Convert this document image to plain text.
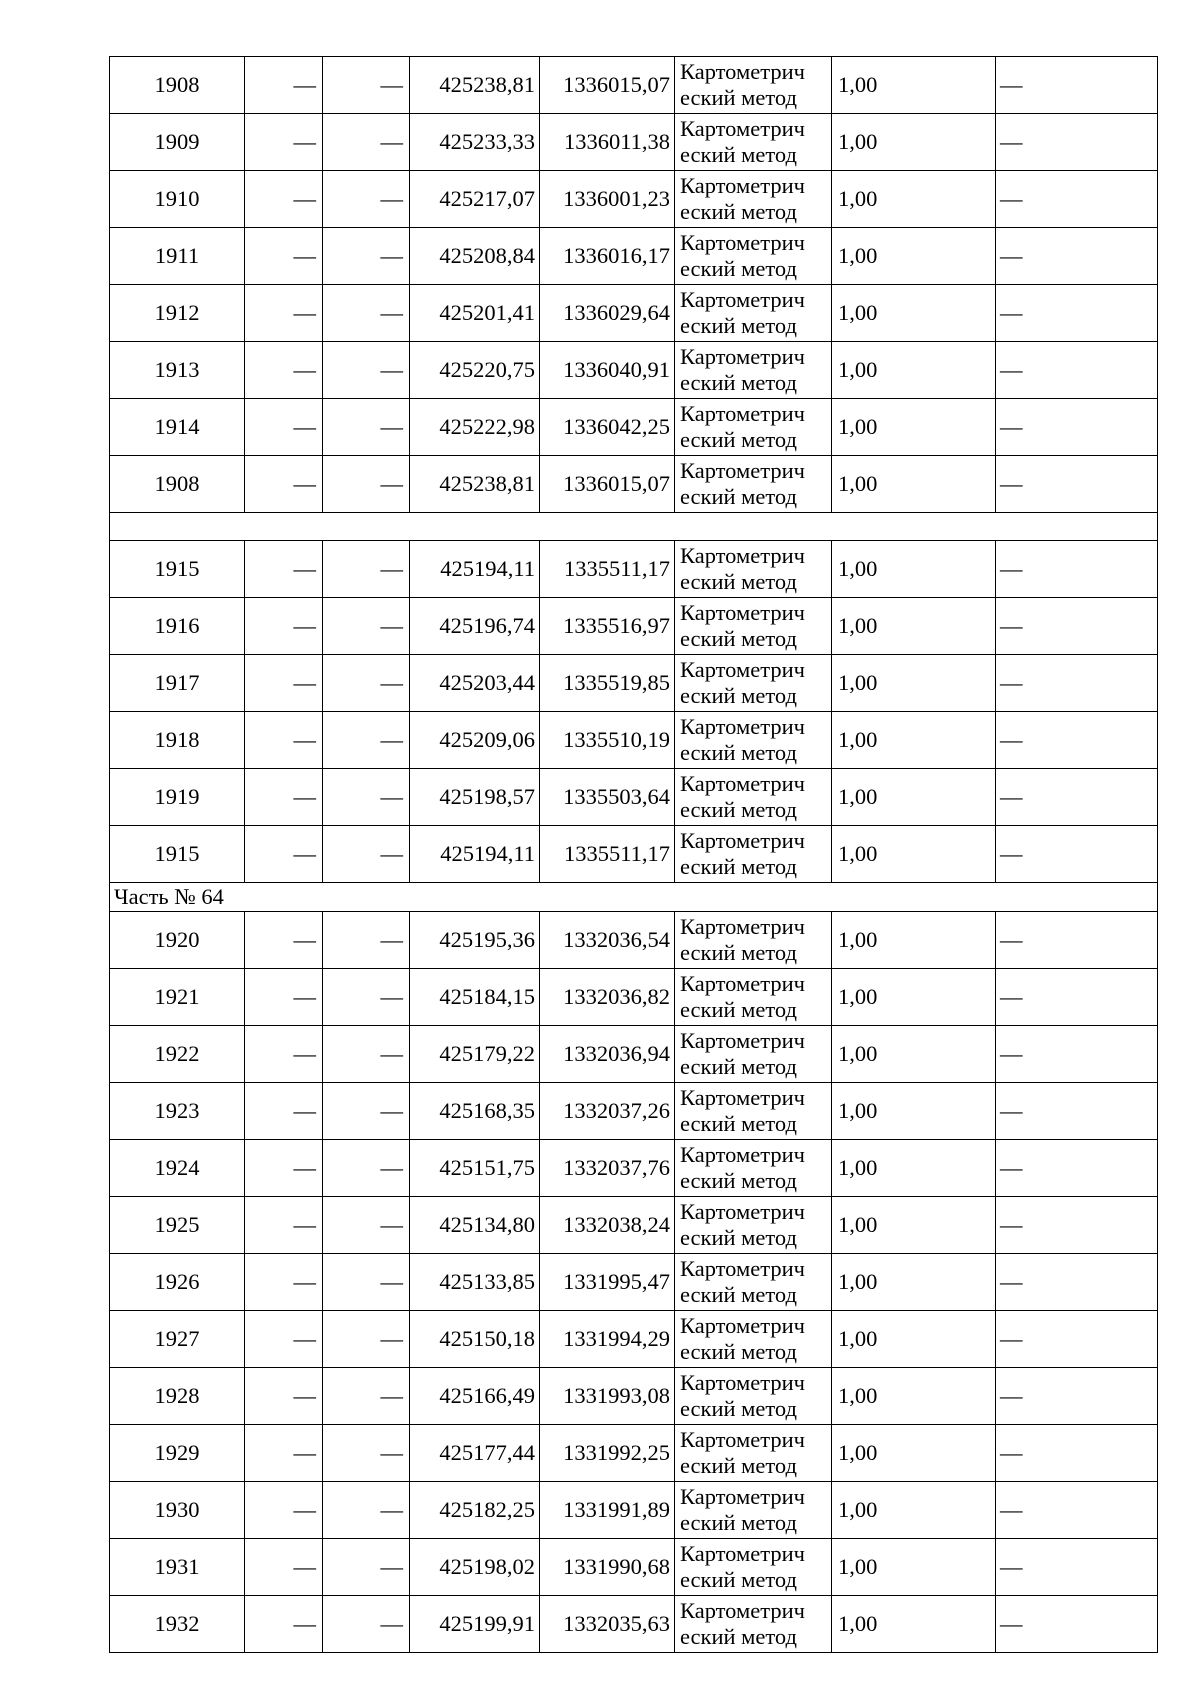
1908	—	—	425238,81	1336015,07	Картометрич
еский метод	1,00	—
1909	—	—	425233,33	1336011,38	Картометрич
еский метод	1,00	—
1910	—	—	425217,07	1336001,23	Картометрич
еский метод	1,00	—
1911	—	—	425208,84	1336016,17	Картометрич
еский метод	1,00	—
1912	—	—	425201,41	1336029,64	Картометрич
еский метод	1,00	—
1913	—	—	425220,75	1336040,91	Картометрич
еский метод	1,00	—
1914	—	—	425222,98	1336042,25	Картометрич
еский метод	1,00	—
1908	—	—	425238,81	1336015,07	Картометрич
еский метод	1,00	—

1915	—	—	425194,11	1335511,17	Картометрич
еский метод	1,00	—
1916	—	—	425196,74	1335516,97	Картометрич
еский метод	1,00	—
1917	—	—	425203,44	1335519,85	Картометрич
еский метод	1,00	—
1918	—	—	425209,06	1335510,19	Картометрич
еский метод	1,00	—
1919	—	—	425198,57	1335503,64	Картометрич
еский метод	1,00	—
1915	—	—	425194,11	1335511,17	Картометрич
еский метод	1,00	—
Часть № 64							
1920	—	—	425195,36	1332036,54	Картометрич
еский метод	1,00	—
1921	—	—	425184,15	1332036,82	Картометрич
еский метод	1,00	—
1922	—	—	425179,22	1332036,94	Картометрич
еский метод	1,00	—
1923	—	—	425168,35	1332037,26	Картометрич
еский метод	1,00	—
1924	—	—	425151,75	1332037,76	Картометрич
еский метод	1,00	—
1925	—	—	425134,80	1332038,24	Картометрич
еский метод	1,00	—
1926	—	—	425133,85	1331995,47	Картометрич
еский метод	1,00	—
1927	—	—	425150,18	1331994,29	Картометрич
еский метод	1,00	—
1928	—	—	425166,49	1331993,08	Картометрич
еский метод	1,00	—
1929	—	—	425177,44	1331992,25	Картометрич
еский метод	1,00	—
1930	—	—	425182,25	1331991,89	Картометрич
еский метод	1,00	—
1931	—	—	425198,02	1331990,68	Картометрич
еский метод	1,00	—
1932	—	—	425199,91	1332035,63	Картометрич
еский метод	1,00	—
